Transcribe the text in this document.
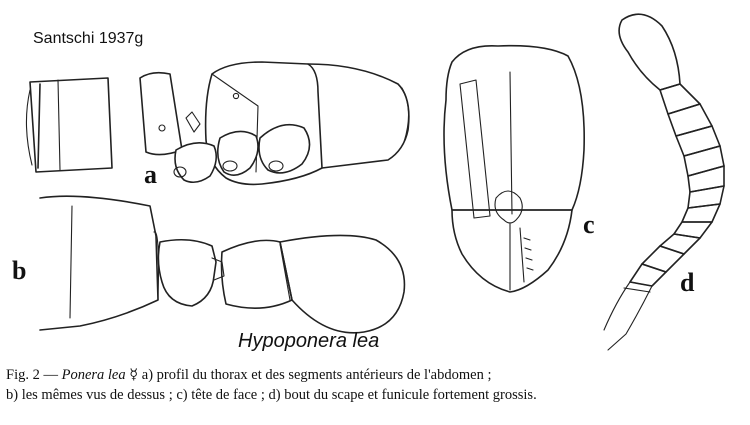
Santschi 1937g
a
b
c
d
Hypoponera lea

Fig. 2 — Ponera lea ☿ a) profil du thorax et des segments antérieurs de l'abdomen ;

b) les mêmes vus de dessus ; c) tête de face ; d) bout du scape et funicule fortement grossis.
